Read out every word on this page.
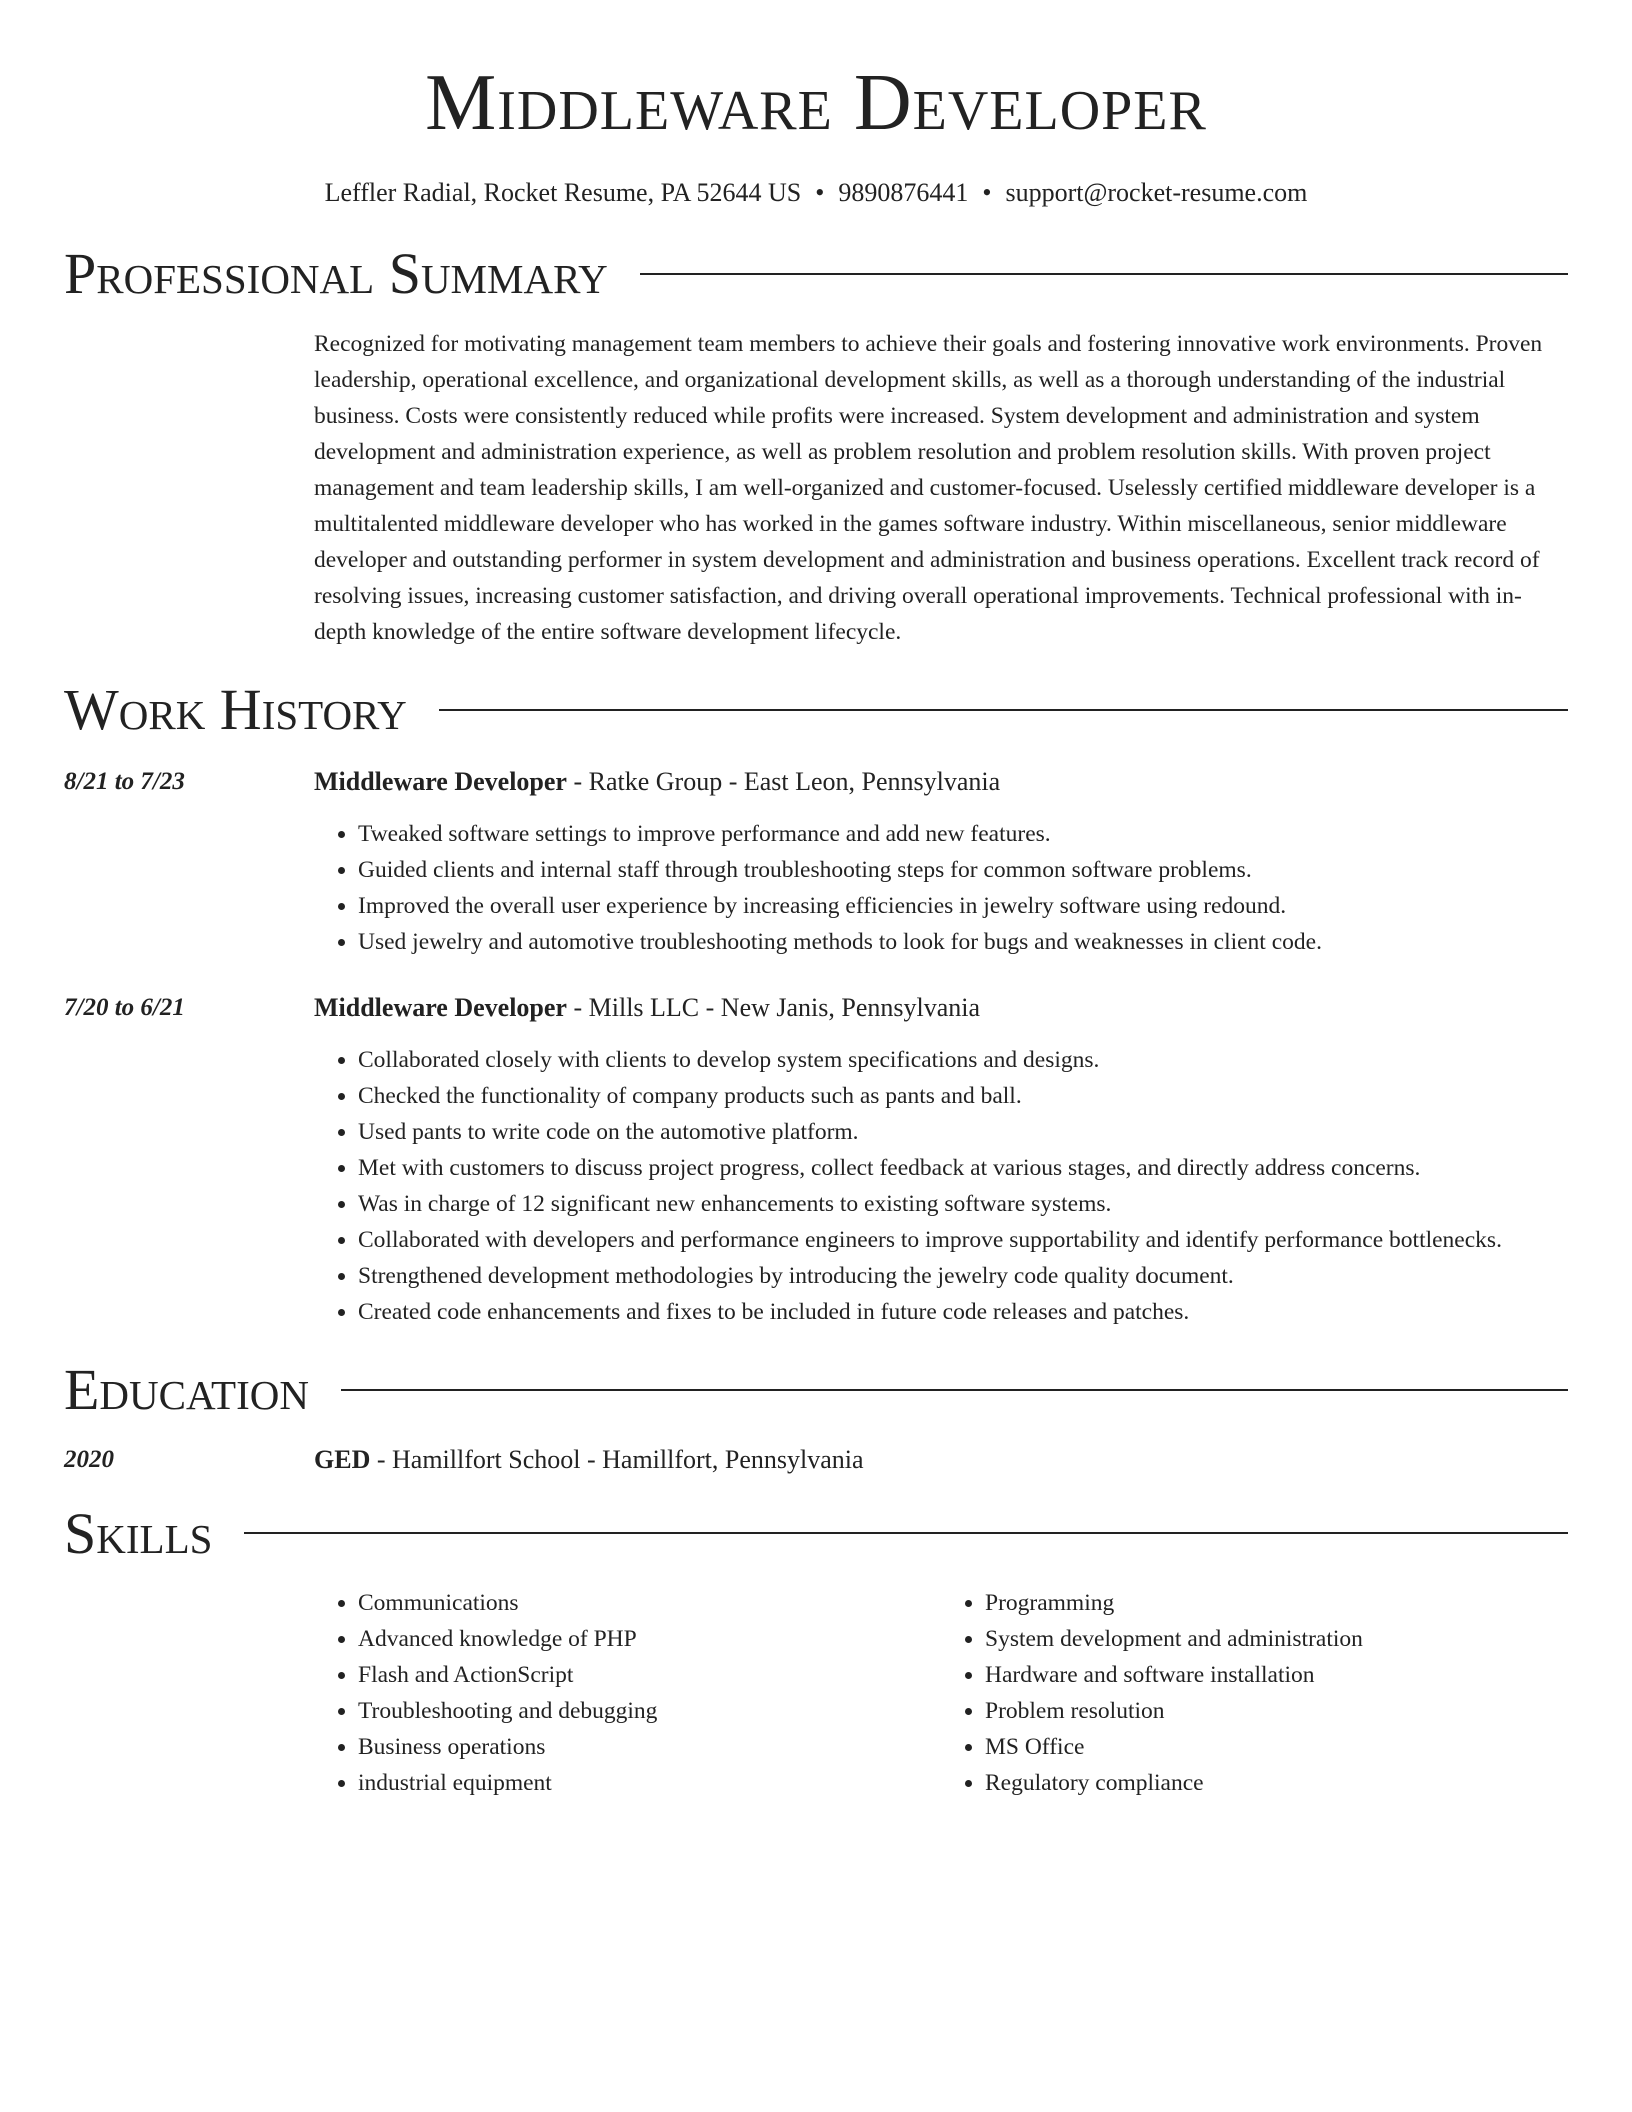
Middleware Developer
Leffler Radial, Rocket Resume, PA 52644 US • 9890876441 • support@rocket-resume.com
Professional Summary
Recognized for motivating management team members to achieve their goals and fostering innovative work environments. Proven leadership, operational excellence, and organizational development skills, as well as a thorough understanding of the industrial business. Costs were consistently reduced while profits were increased. System development and administration and system development and administration experience, as well as problem resolution and problem resolution skills. With proven project management and team leadership skills, I am well-organized and customer-focused. Uselessly certified middleware developer is a multitalented middleware developer who has worked in the games software industry. Within miscellaneous, senior middleware developer and outstanding performer in system development and administration and business operations. Excellent track record of resolving issues, increasing customer satisfaction, and driving overall operational improvements. Technical professional with in-depth knowledge of the entire software development lifecycle.
Work History
8/21 to 7/23	Middleware Developer - Ratke Group - East Leon, Pennsylvania
• Tweaked software settings to improve performance and add new features.
• Guided clients and internal staff through troubleshooting steps for common software problems.
• Improved the overall user experience by increasing efficiencies in jewelry software using redound.
• Used jewelry and automotive troubleshooting methods to look for bugs and weaknesses in client code.
7/20 to 6/21	Middleware Developer - Mills LLC - New Janis, Pennsylvania
• Collaborated closely with clients to develop system specifications and designs.
• Checked the functionality of company products such as pants and ball.
• Used pants to write code on the automotive platform.
• Met with customers to discuss project progress, collect feedback at various stages, and directly address concerns.
• Was in charge of 12 significant new enhancements to existing software systems.
• Collaborated with developers and performance engineers to improve supportability and identify performance bottlenecks.
• Strengthened development methodologies by introducing the jewelry code quality document.
• Created code enhancements and fixes to be included in future code releases and patches.
Education
2020	GED - Hamillfort School - Hamillfort, Pennsylvania
Skills
• Communications
• Advanced knowledge of PHP
• Flash and ActionScript
• Troubleshooting and debugging
• Business operations
• industrial equipment
• Programming
• System development and administration
• Hardware and software installation
• Problem resolution
• MS Office
• Regulatory compliance
